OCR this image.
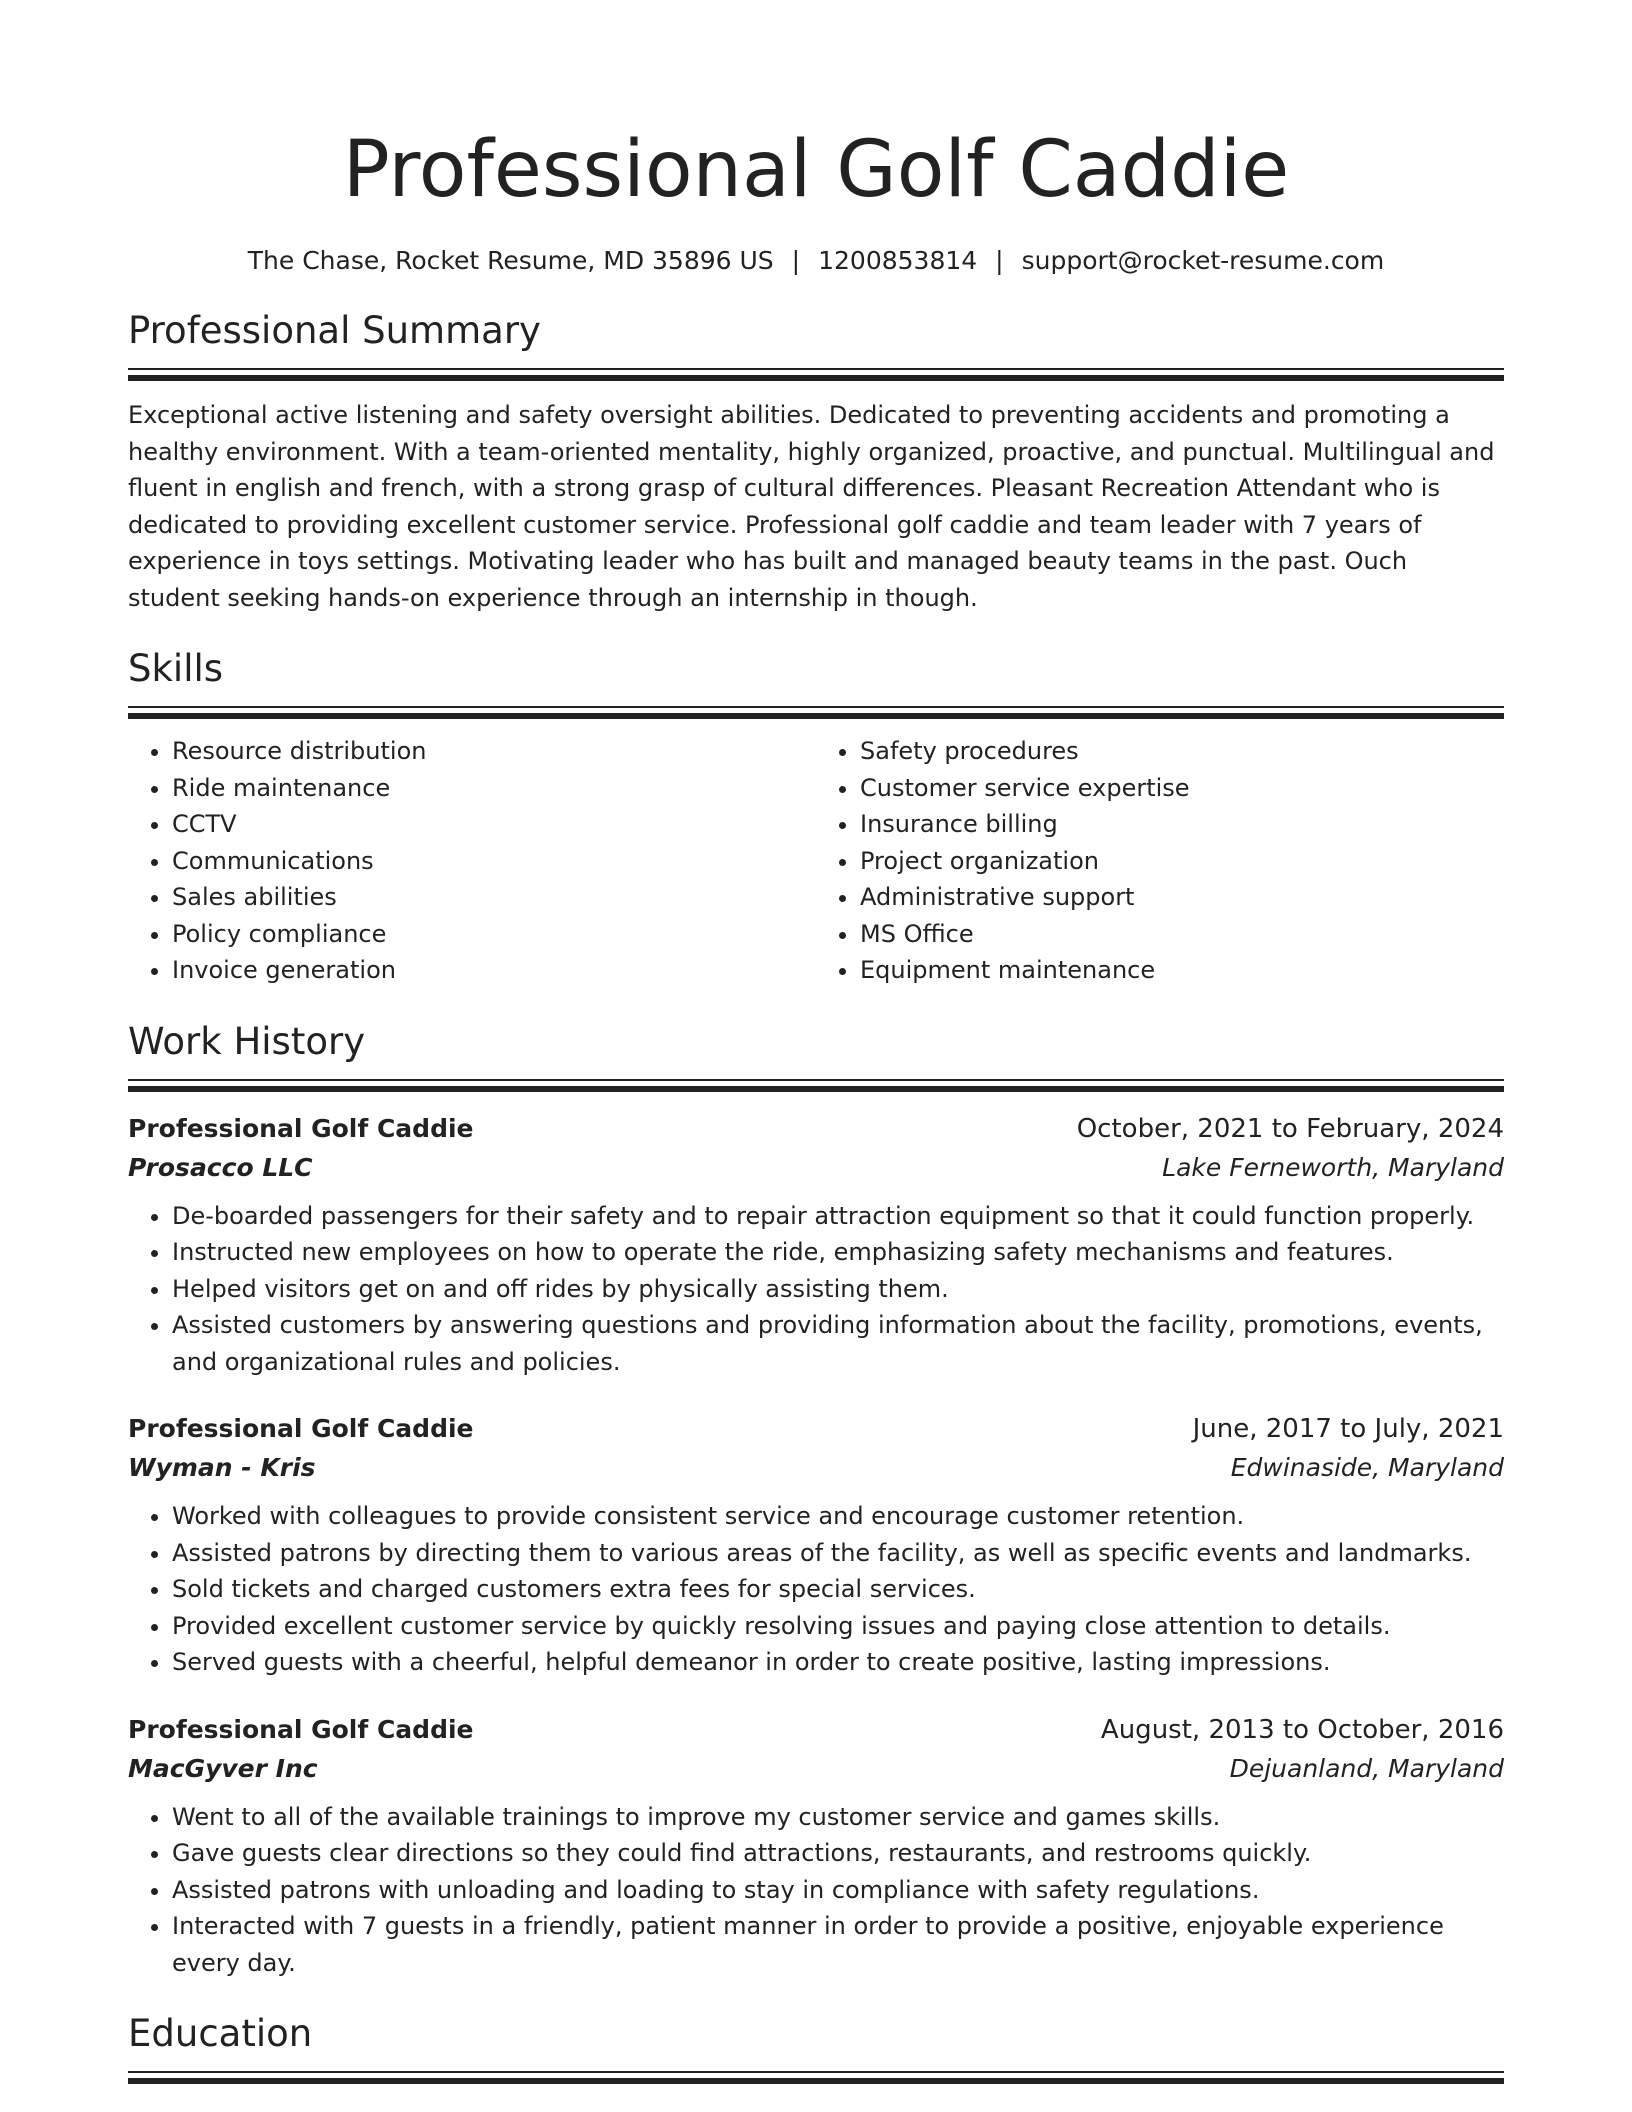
Professional Golf Caddie
The Chase, Rocket Resume, MD 35896 US | 1200853814 | support@rocket-resume.com
Professional Summary
Exceptional active listening and safety oversight abilities. Dedicated to preventing accidents and promoting a healthy environment. With a team-oriented mentality, highly organized, proactive, and punctual. Multilingual and fluent in english and french, with a strong grasp of cultural differences. Pleasant Recreation Attendant who is dedicated to providing excellent customer service. Professional golf caddie and team leader with 7 years of experience in toys settings. Motivating leader who has built and managed beauty teams in the past. Ouch student seeking hands-on experience through an internship in though.
Skills
• Resource distribution
• Ride maintenance
• CCTV
• Communications
• Sales abilities
• Policy compliance
• Invoice generation
• Safety procedures
• Customer service expertise
• Insurance billing
• Project organization
• Administrative support
• MS Office
• Equipment maintenance
Work History
Professional Golf Caddie	October, 2021 to February, 2024
Prosacco LLC	Lake Ferneworth, Maryland
• De-boarded passengers for their safety and to repair attraction equipment so that it could function properly.
• Instructed new employees on how to operate the ride, emphasizing safety mechanisms and features.
• Helped visitors get on and off rides by physically assisting them.
• Assisted customers by answering questions and providing information about the facility, promotions, events, and organizational rules and policies.
Professional Golf Caddie	June, 2017 to July, 2021
Wyman - Kris	Edwinaside, Maryland
• Worked with colleagues to provide consistent service and encourage customer retention.
• Assisted patrons by directing them to various areas of the facility, as well as specific events and landmarks.
• Sold tickets and charged customers extra fees for special services.
• Provided excellent customer service by quickly resolving issues and paying close attention to details.
• Served guests with a cheerful, helpful demeanor in order to create positive, lasting impressions.
Professional Golf Caddie	August, 2013 to October, 2016
MacGyver Inc	Dejuanland, Maryland
• Went to all of the available trainings to improve my customer service and games skills.
• Gave guests clear directions so they could find attractions, restaurants, and restrooms quickly.
• Assisted patrons with unloading and loading to stay in compliance with safety regulations.
• Interacted with 7 guests in a friendly, patient manner in order to provide a positive, enjoyable experience every day.
Education
